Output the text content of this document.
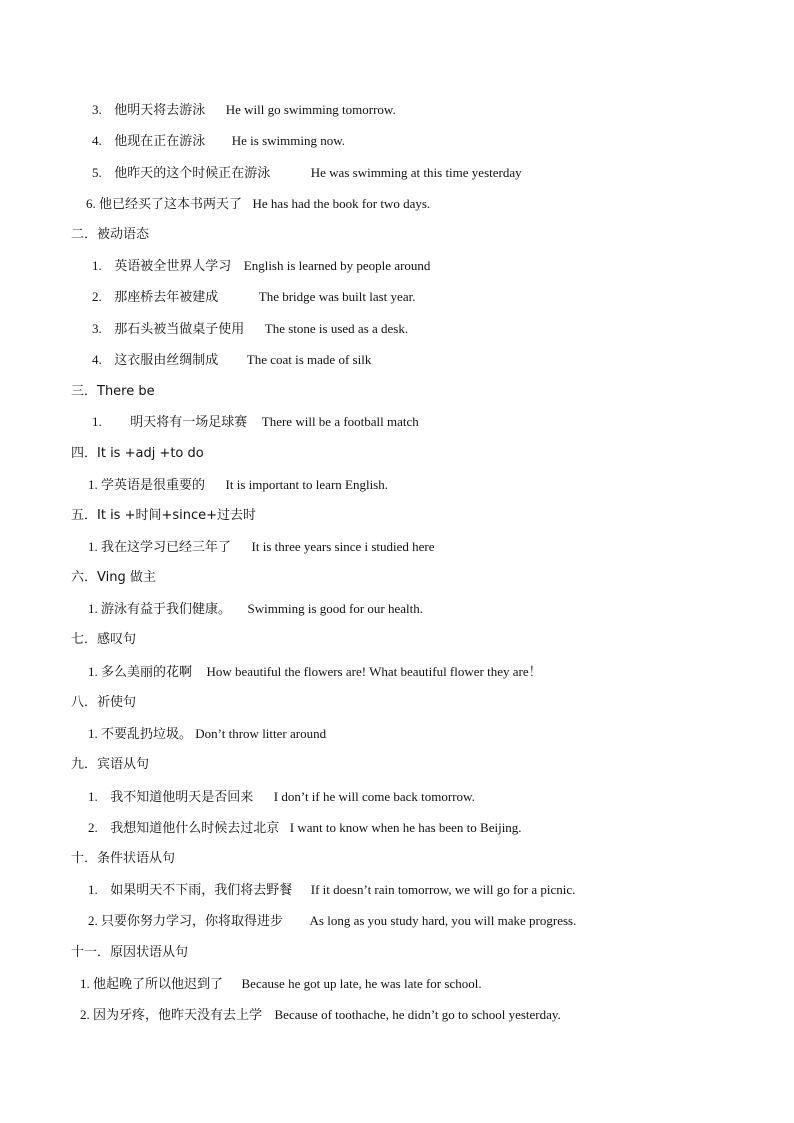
3. 他明天将去游泳 He will go swimming tomorrow.
4. 他现在正在游泳 He is swimming now.
5. 他昨天的这个时候正在游泳	He was swimming at this time yesterday
6. 他已经买了这本书两天了 He has had the book for two days.
二．被动语态
1. 英语被全世界人学习 English is learned by people around
2. 那座桥去年被建成	The bridge was built last year.
3. 那石头被当做桌子使用 The stone is used as a desk.
4. 这衣服由丝绸制成 The coat is made of silk
三．There be
1. 明天将有一场足球赛 There will be a football match
四．It is +adj +to do
1. 学英语是很重要的 It is important to learn English.
五．It is +时间+since+过去时
1. 我在这学习已经三年了 It is three years since i studied here
六．Ving 做主
1. 游泳有益于我们健康。 Swimming is good for our health.
七．感叹句
1. 多么美丽的花啊 How beautiful the flowers are! What beautiful flower they are！
八．祈使句
1. 不要乱扔垃圾。 Don’t throw litter around
九．宾语从句
1. 我不知道他明天是否回来 I don’t if he will come back tomorrow.
2. 我想知道他什么时候去过北京 I want to know when he has been to Beijing.
十．条件状语从句
1. 如果明天不下雨，我们将去野餐 If it doesn’t rain tomorrow, we will go for a picnic.
2. 只要你努力学习，你将取得进步 As long as you study hard, you will make progress.
十一．原因状语从句
1. 他起晚了所以他迟到了 Because he got up late, he was late for school.
2. 因为牙疼，他昨天没有去上学 Because of toothache, he didn’t go to school yesterday.
